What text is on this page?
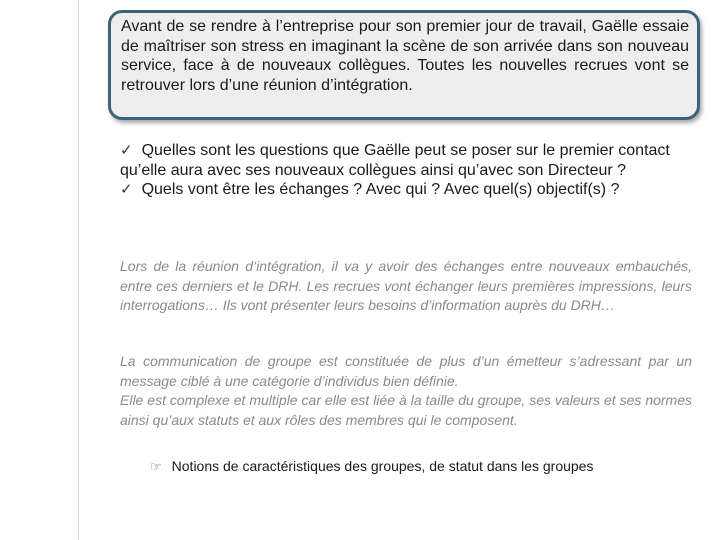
Avant de se rendre à l’entreprise pour son premier jour de travail, Gaëlle essaie de maîtriser son stress en imaginant la scène de son arrivée dans son nouveau service, face à de nouveaux collègues. Toutes les nouvelles recrues vont se retrouver lors d’une réunion d’intégration.

✓ Quelles sont les questions que Gaëlle peut se poser sur le premier contact qu’elle aura avec ses nouveaux collègues ainsi qu’avec son Directeur ?

✓ Quels vont être les échanges ? Avec qui ? Avec quel(s) objectif(s) ?

Lors de la réunion d’intégration, il va y avoir des échanges entre nouveaux embauchés, entre ces derniers et le DRH. Les recrues vont échanger leurs premières impressions, leurs interrogations… Ils vont présenter leurs besoins d’information auprès du DRH…

La communication de groupe est constituée de plus d’un émetteur s’adressant par un message ciblé à une catégorie d’individus bien définie.

Elle est complexe et multiple car elle est liée à la taille du groupe, ses valeurs et ses normes ainsi qu’aux statuts et aux rôles des membres qui le composent.

☞ Notions de caractéristiques des groupes, de statut dans les groupes
